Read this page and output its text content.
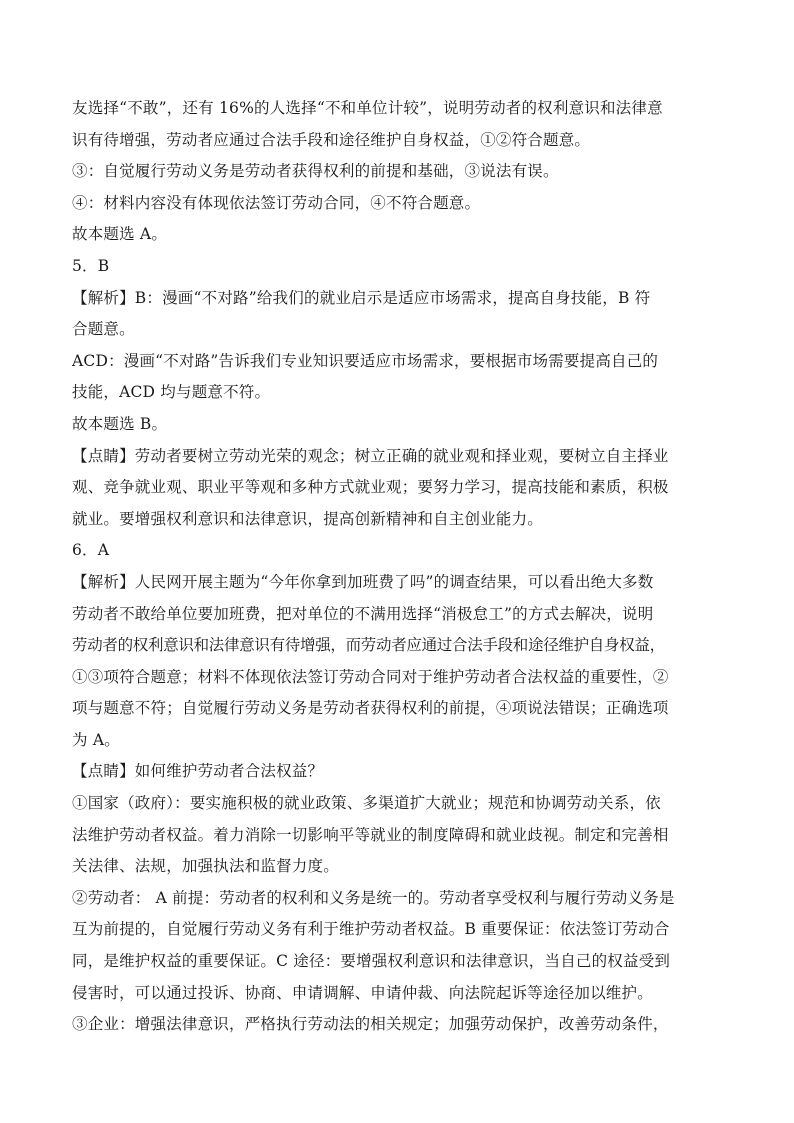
友选择“不敢”，还有 16%的人选择“不和单位计较”，说明劳动者的权利意识和法律意
识有待增强，劳动者应通过合法手段和途径维护自身权益，①②符合题意。
③：自觉履行劳动义务是劳动者获得权利的前提和基础，③说法有误。
④：材料内容没有体现依法签订劳动合同，④不符合题意。
故本题选 A。
5．B
【解析】B：漫画“不对路”给我们的就业启示是适应市场需求，提高自身技能，B 符
合题意。
ACD：漫画“不对路”告诉我们专业知识要适应市场需求，要根据市场需要提高自己的
技能，ACD 均与题意不符。
故本题选 B。
【点睛】劳动者要树立劳动光荣的观念；树立正确的就业观和择业观，要树立自主择业
观、竞争就业观、职业平等观和多种方式就业观；要努力学习，提高技能和素质，积极
就业。要增强权利意识和法律意识，提高创新精神和自主创业能力。
6．A
【解析】人民网开展主题为“今年你拿到加班费了吗”的调查结果，可以看出绝大多数
劳动者不敢给单位要加班费，把对单位的不满用选择“消极怠工”的方式去解决，说明
劳动者的权利意识和法律意识有待增强，而劳动者应通过合法手段和途径维护自身权益，
①③项符合题意；材料不体现依法签订劳动合同对于维护劳动者合法权益的重要性，②
项与题意不符；自觉履行劳动义务是劳动者获得权利的前提，④项说法错误；正确选项
为 A。
【点睛】如何维护劳动者合法权益？
①国家（政府）：要实施积极的就业政策、多渠道扩大就业；规范和协调劳动关系，依
法维护劳动者权益。着力消除一切影响平等就业的制度障碍和就业歧视。制定和完善相
关法律、法规，加强执法和监督力度。
②劳动者： A 前提：劳动者的权利和义务是统一的。劳动者享受权利与履行劳动义务是
互为前提的，自觉履行劳动义务有利于维护劳动者权益。B 重要保证：依法签订劳动合
同，是维护权益的重要保证。C 途径：要增强权利意识和法律意识，当自己的权益受到
侵害时，可以通过投诉、协商、申请调解、申请仲裁、向法院起诉等途径加以维护。
③企业：增强法律意识，严格执行劳动法的相关规定；加强劳动保护，改善劳动条件，
